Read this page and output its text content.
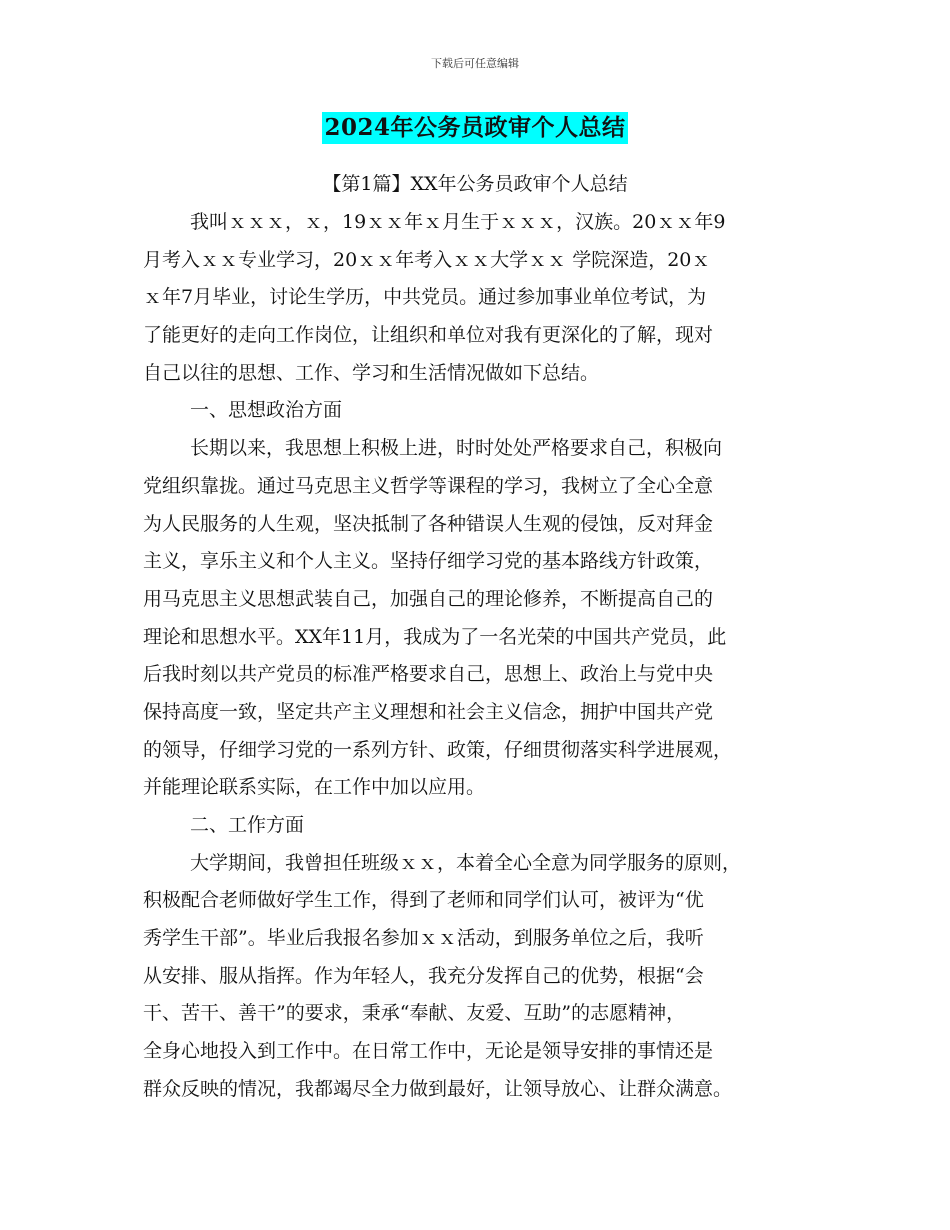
下载后可任意编辑
2024年公务员政审个人总结
【第1篇】XX年公务员政审个人总结
我叫ｘｘｘ，ｘ，19ｘｘ年ｘ月生于ｘｘｘ，汉族。20ｘｘ年9
月考入ｘｘ专业学习，20ｘｘ年考入ｘｘ大学ｘｘ 学院深造，20ｘ
ｘ年7月毕业，讨论生学历，中共党员。通过参加事业单位考试，为
了能更好的走向工作岗位，让组织和单位对我有更深化的了解，现对
自己以往的思想、工作、学习和生活情况做如下总结。
一、思想政治方面
长期以来，我思想上积极上进，时时处处严格要求自己，积极向
党组织靠拢。通过马克思主义哲学等课程的学习，我树立了全心全意
为人民服务的人生观，坚决抵制了各种错误人生观的侵蚀，反对拜金
主义，享乐主义和个人主义。坚持仔细学习党的基本路线方针政策，
用马克思主义思想武装自己，加强自己的理论修养，不断提高自己的
理论和思想水平。XX年11月，我成为了一名光荣的中国共产党员，此
后我时刻以共产党员的标准严格要求自己，思想上、政治上与党中央
保持高度一致，坚定共产主义理想和社会主义信念，拥护中国共产党
的领导，仔细学习党的一系列方针、政策，仔细贯彻落实科学进展观，
并能理论联系实际，在工作中加以应用。
二、工作方面
大学期间，我曾担任班级ｘｘ，本着全心全意为同学服务的原则，
积极配合老师做好学生工作，得到了老师和同学们认可，被评为“优
秀学生干部”。毕业后我报名参加ｘｘ活动，到服务单位之后，我听
从安排、服从指挥。作为年轻人，我充分发挥自己的优势，根据“会
干、苦干、善干”的要求，秉承“奉献、友爱、互助”的志愿精神，
全身心地投入到工作中。在日常工作中，无论是领导安排的事情还是
群众反映的情况，我都竭尽全力做到最好，让领导放心、让群众满意。
